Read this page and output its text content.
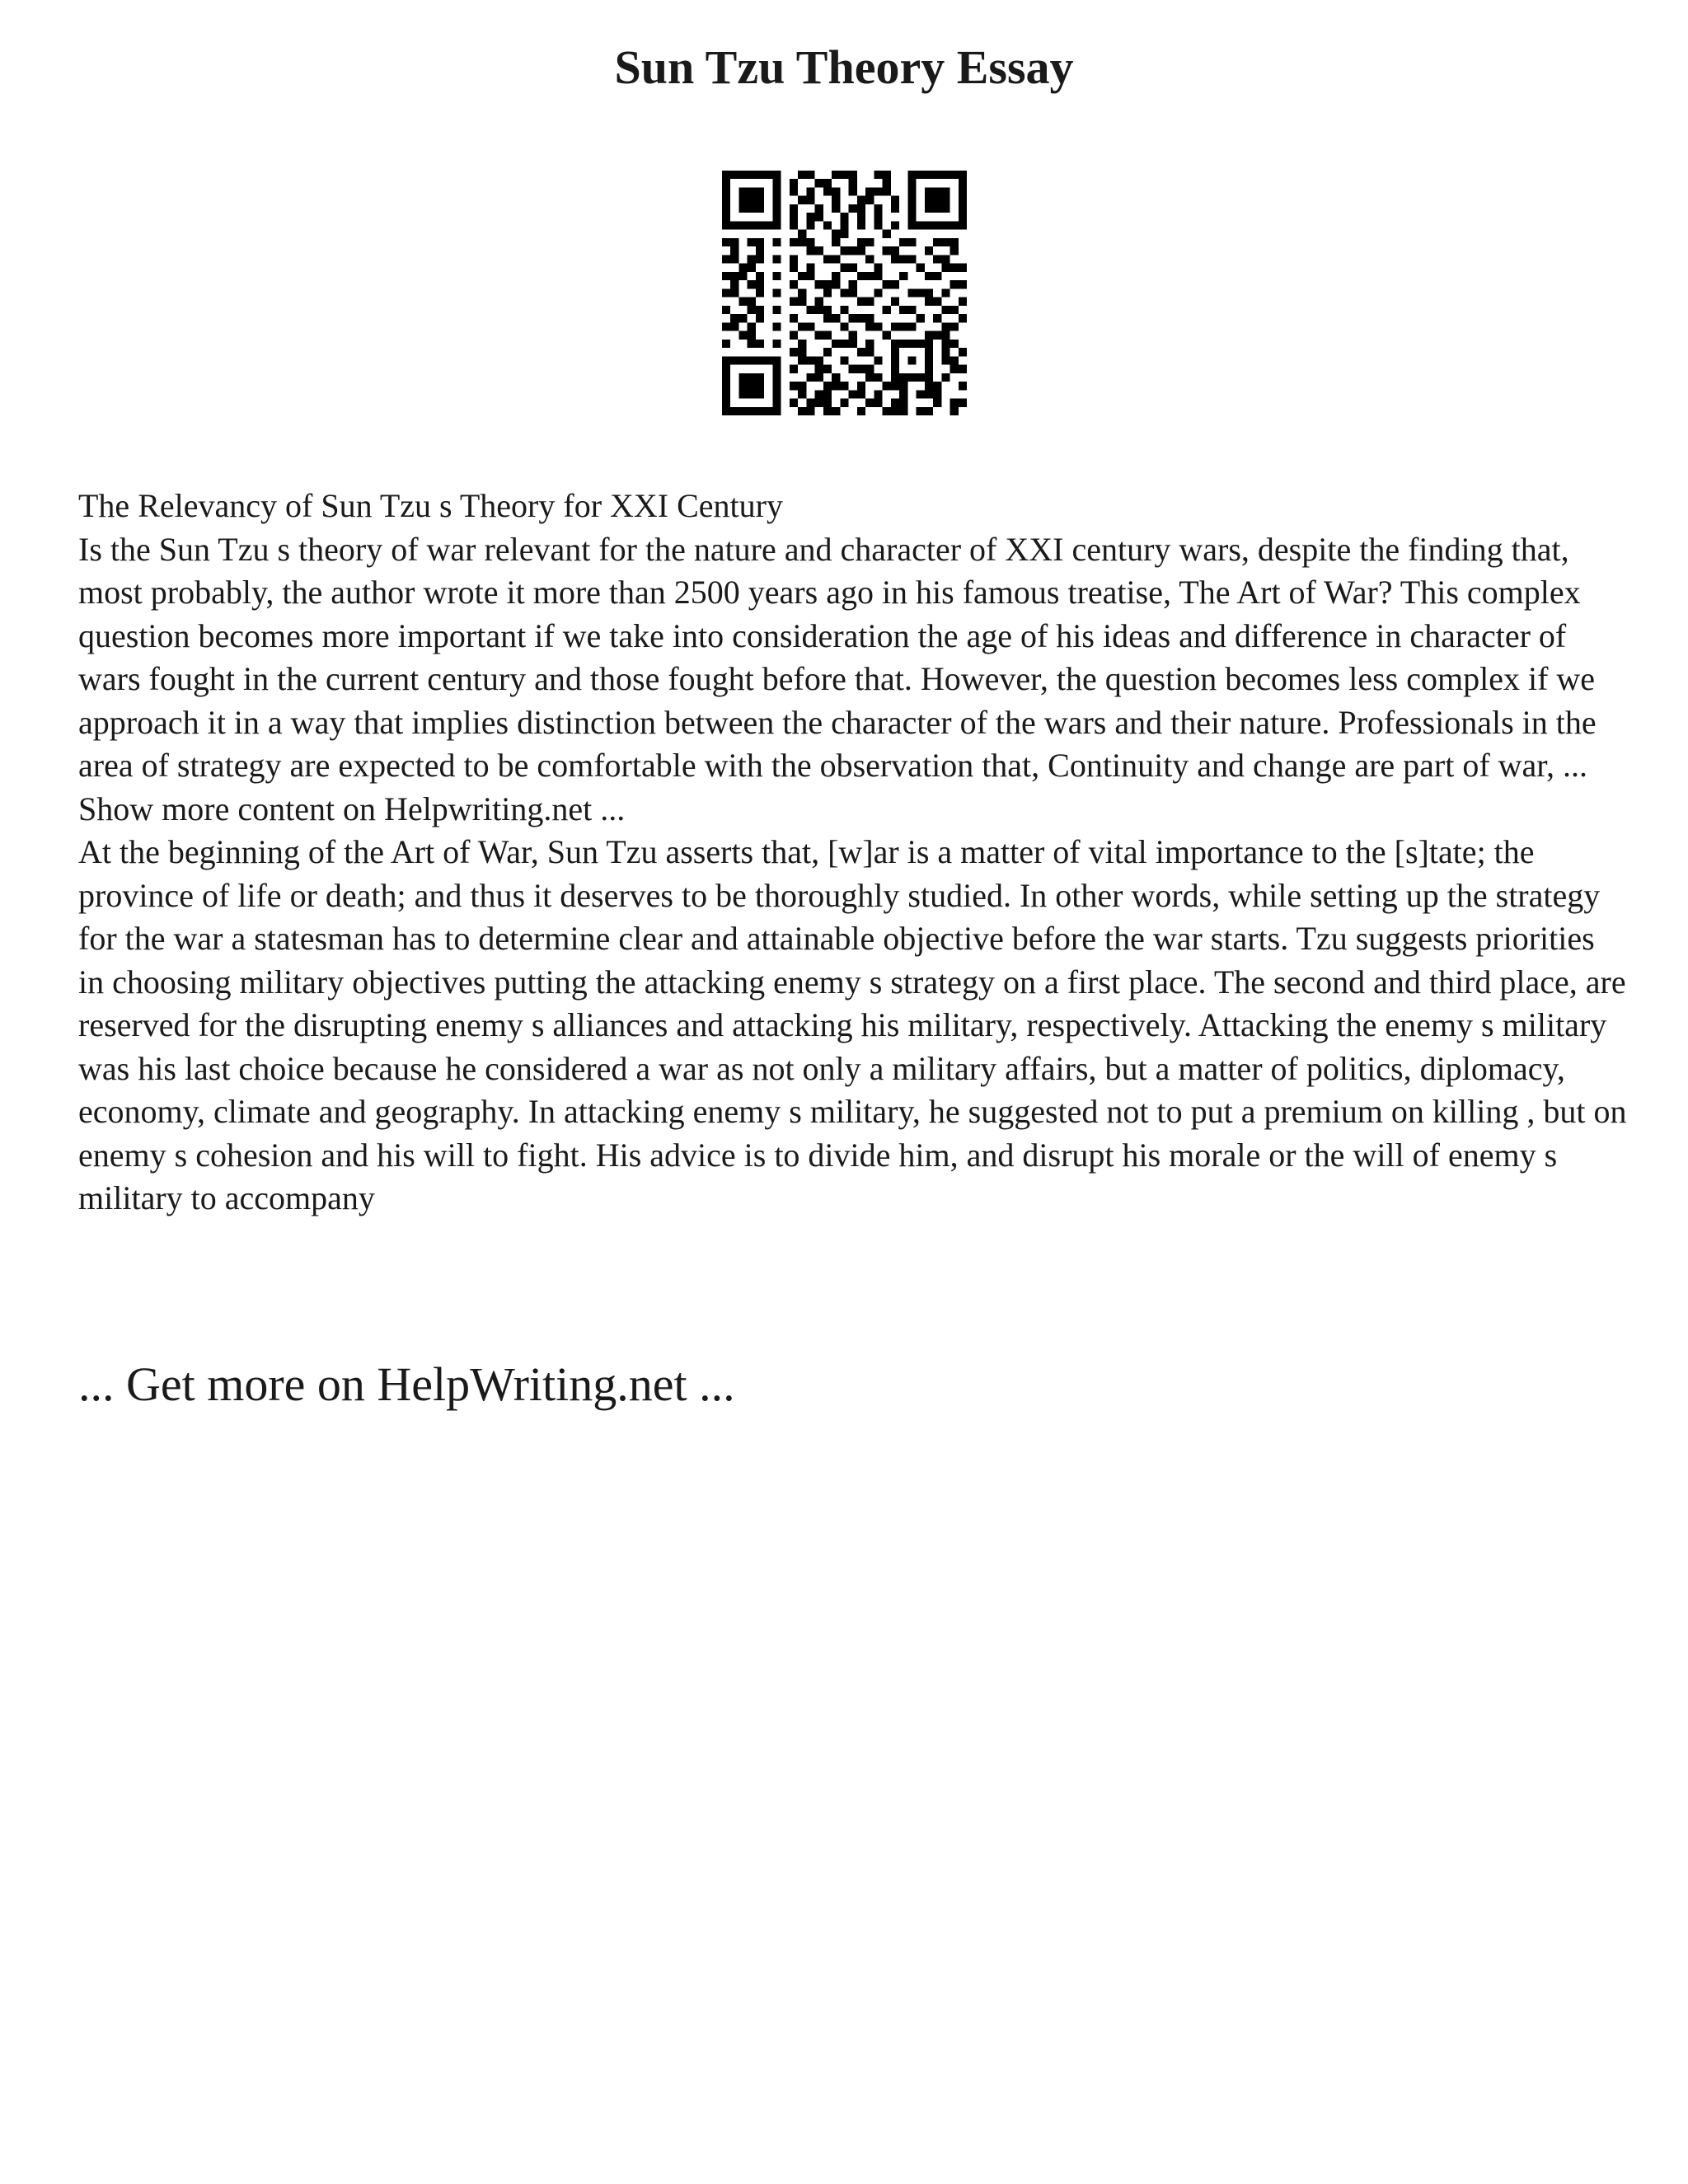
Sun Tzu Theory Essay

The Relevancy of Sun Tzu s Theory for XXI Century

Is the Sun Tzu s theory of war relevant for the nature and character of XXI century wars, despite the finding that, most probably, the author wrote it more than 2500 years ago in his famous treatise, The Art of War? This complex question becomes more important if we take into consideration the age of his ideas and difference in character of wars fought in the current century and those fought before that. However, the question becomes less complex if we approach it in a way that implies distinction between the character of the wars and their nature. Professionals in the area of strategy are expected to be comfortable with the observation that, Continuity and change are part of war, ... Show more content on Helpwriting.net ...

At the beginning of the Art of War, Sun Tzu asserts that, [w]ar is a matter of vital importance to the [s]tate; the province of life or death; and thus it deserves to be thoroughly studied. In other words, while setting up the strategy for the war a statesman has to determine clear and attainable objective before the war starts. Tzu suggests priorities in choosing military objectives putting the attacking enemy s strategy on a first place. The second and third place, are reserved for the disrupting enemy s alliances and attacking his military, respectively. Attacking the enemy s military was his last choice because he considered a war as not only a military affairs, but a matter of politics, diplomacy, economy, climate and geography. In attacking enemy s military, he suggested not to put a premium on killing , but on enemy s cohesion and his will to fight. His advice is to divide him, and disrupt his morale or the will of enemy s military to accompany

... Get more on HelpWriting.net ...
